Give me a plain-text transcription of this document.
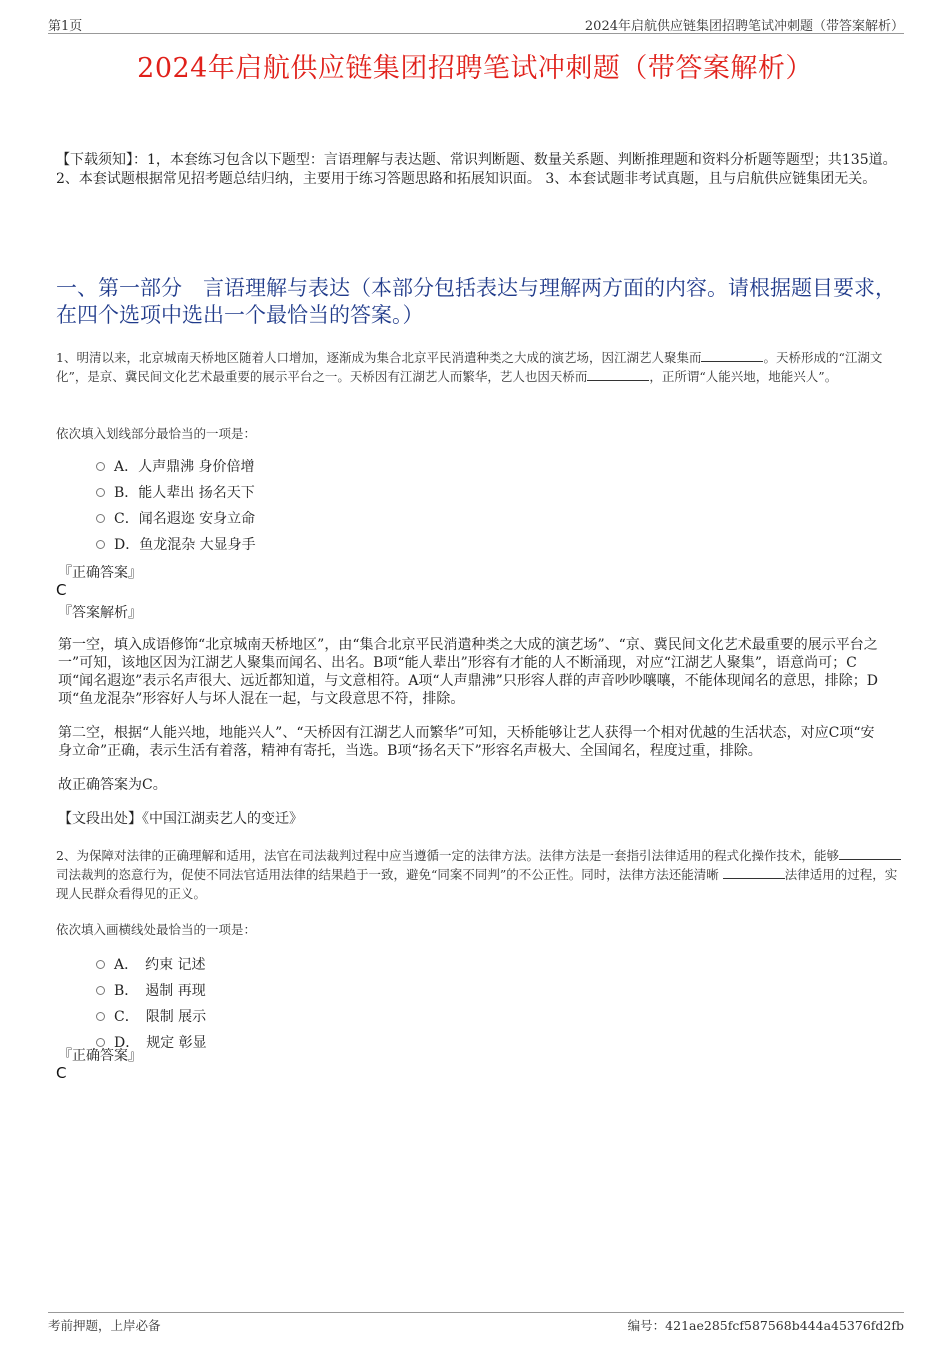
第1页	2024年启航供应链集团招聘笔试冲刺题（带答案解析）
2024年启航供应链集团招聘笔试冲刺题（带答案解析）
【下载须知】：1，本套练习包含以下题型：言语理解与表达题、常识判断题、数量关系题、判断推理题和资料分析题等题型；共135道。 2、本套试题根据常见招考题总结归纳，主要用于练习答题思路和拓展知识面。 3、本套试题非考试真题，且与启航供应链集团无关。
一、第一部分　言语理解与表达（本部分包括表达与理解两方面的内容。请根据题目要求，在四个选项中选出一个最恰当的答案。）
1、明清以来，北京城南天桥地区随着人口增加，逐渐成为集合北京平民消遣种类之大成的演艺场，因江湖艺人聚集而	。天桥形成的“江湖文化”，是京、冀民间文化艺术最重要的展示平台之一。天桥因有江湖艺人而繁华，艺人也因天桥而	，正所谓“人能兴地，地能兴人”。
依次填入划线部分最恰当的一项是：
A．人声鼎沸 身价倍增
B．能人辈出 扬名天下
C．闻名遐迩 安身立命
D．鱼龙混杂 大显身手
『正确答案』
C
『答案解析』
第一空，填入成语修饰“北京城南天桥地区”，由“集合北京平民消遣种类之大成的演艺场”、“京、冀民间文化艺术最重要的展示平台之一”可知，该地区因为江湖艺人聚集而闻名、出名。B项“能人辈出”形容有才能的人不断涌现，对应“江湖艺人聚集”，语意尚可；C项“闻名遐迩”表示名声很大、远近都知道，与文意相符。A项“人声鼎沸”只形容人群的声音吵吵嚷嚷，不能体现闻名的意思，排除；D项“鱼龙混杂”形容好人与坏人混在一起，与文段意思不符，排除。
第二空，根据“人能兴地，地能兴人”、“天桥因有江湖艺人而繁华”可知，天桥能够让艺人获得一个相对优越的生活状态，对应C项“安身立命”正确，表示生活有着落，精神有寄托，当选。B项“扬名天下”形容名声极大、全国闻名，程度过重，排除。
故正确答案为C。
【文段出处】《中国江湖卖艺人的变迁》
2、为保障对法律的正确理解和适用，法官在司法裁判过程中应当遵循一定的法律方法。法律方法是一套指引法律适用的程式化操作技术，能够司法裁判的恣意行为，促使不同法官适用法律的结果趋于一致，避免“同案不同判”的不公正性。同时，法律方法还能清晰	法律适用的过程，实现人民群众看得见的正义。
依次填入画横线处最恰当的一项是：
A．　约束 记述
B．　遏制 再现
C．　限制 展示
D．　规定 彰显
『正确答案』
C
考前押题，上岸必备	编号：421ae285fcf587568b444a45376fd2fb
